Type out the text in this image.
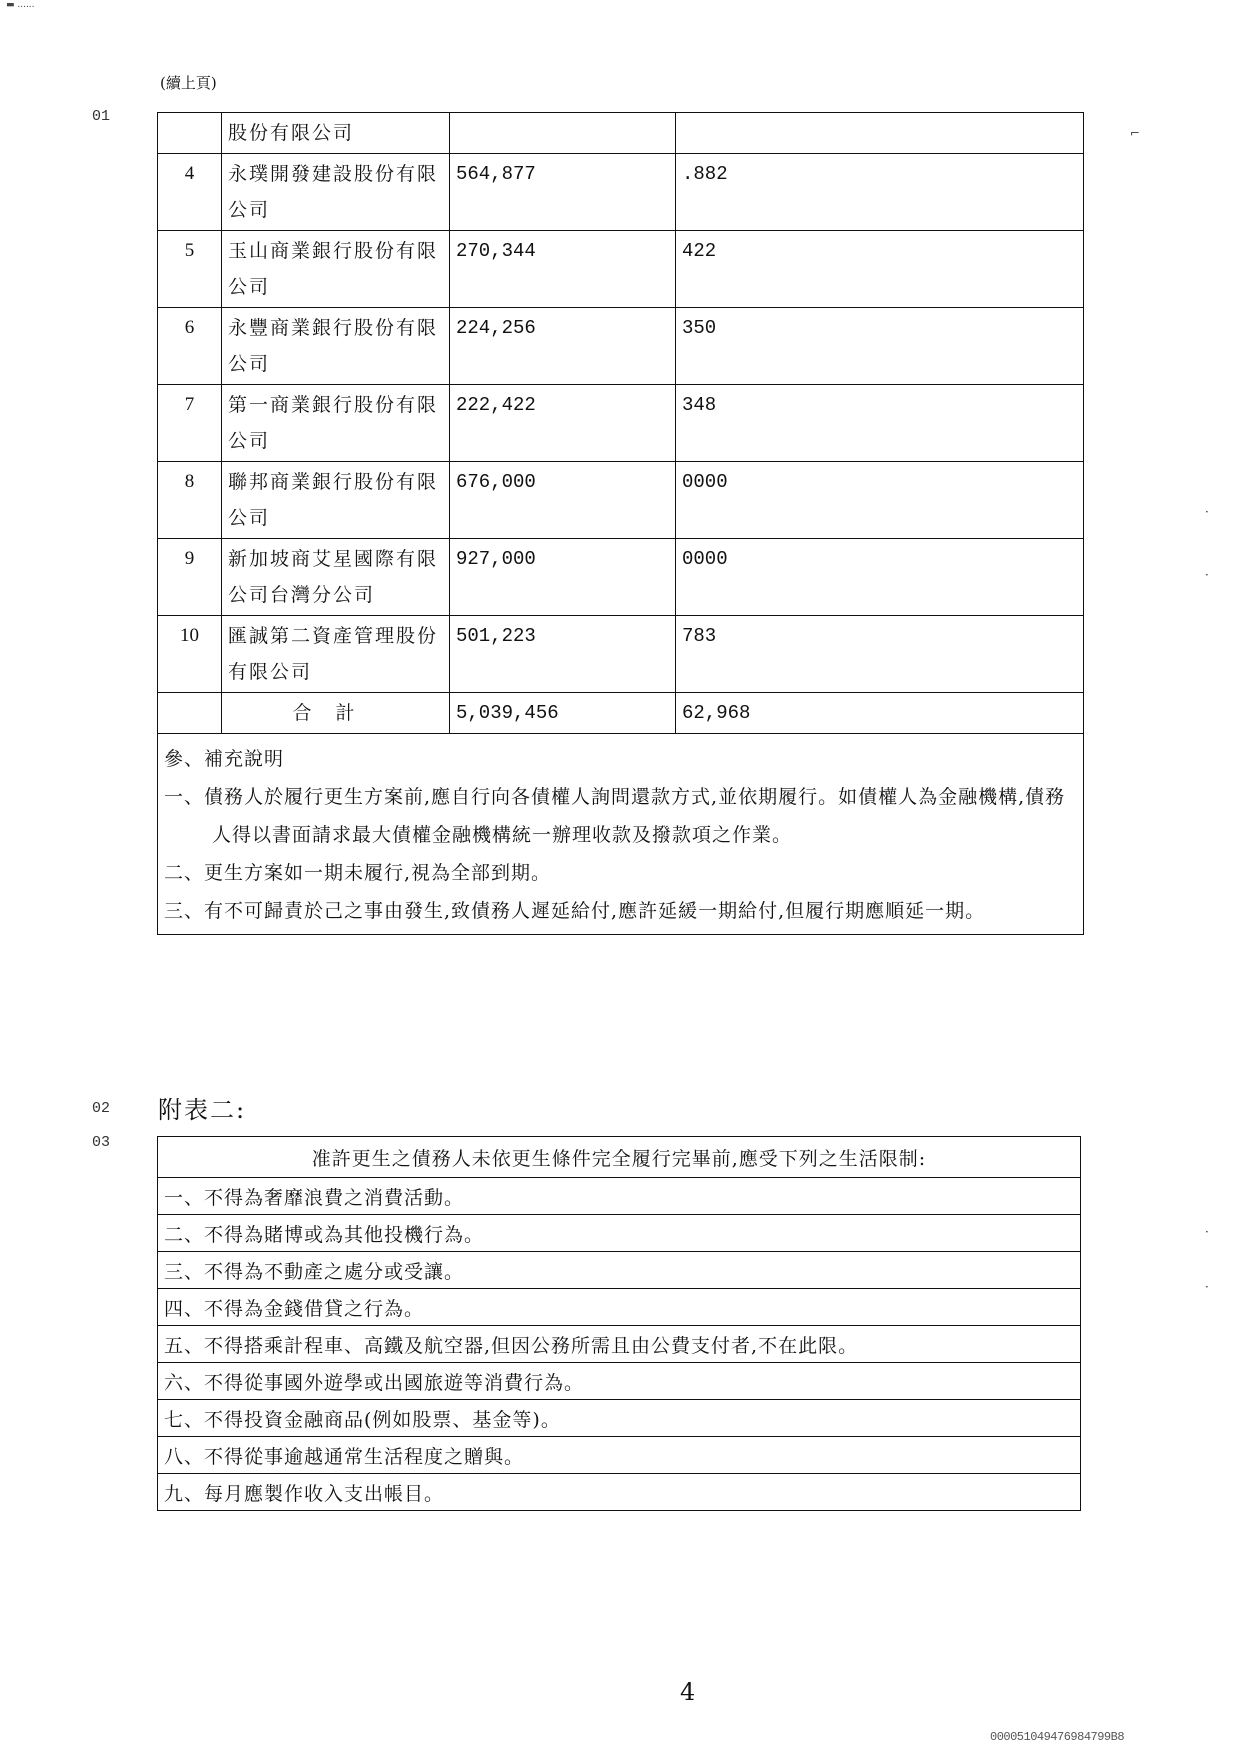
▬ ......
(續上頁)
01
02
03
	股份有限公司		
4	永璞開發建設股份有限公司	564,877	.882
5	玉山商業銀行股份有限公司	270,344	422
6	永豐商業銀行股份有限公司	224,256	350
7	第一商業銀行股份有限公司	222,422	348
8	聯邦商業銀行股份有限公司	676,000	0000
9	新加坡商艾星國際有限公司台灣分公司	927,000	0000
10	匯誠第二資產管理股份有限公司	501,223	783
	合計	5,039,456	62,968

參、補充說明
一、債務人於履行更生方案前,應自行向各債權人詢問還款方式,並依期履行。如債權人為金融機構,債務人得以書面請求最大債權金融機構統一辦理收款及撥款項之作業。
二、更生方案如一期未履行,視為全部到期。
三、有不可歸責於己之事由發生,致債務人遲延給付,應許延緩一期給付,但履行期應順延一期。			
附表二:
准許更生之債務人未依更生條件完全履行完畢前,應受下列之生活限制:
一、不得為奢靡浪費之消費活動。
二、不得為賭博或為其他投機行為。
三、不得為不動產之處分或受讓。
四、不得為金錢借貸之行為。
五、不得搭乘計程車、高鐵及航空器,但因公務所需且由公費支付者,不在此限。
六、不得從事國外遊學或出國旅遊等消費行為。
七、不得投資金融商品(例如股票、基金等)。
八、不得從事逾越通常生活程度之贈與。
九、每月應製作收入支出帳目。
⌐
·
·
·
·
4
000051049476984799B8
